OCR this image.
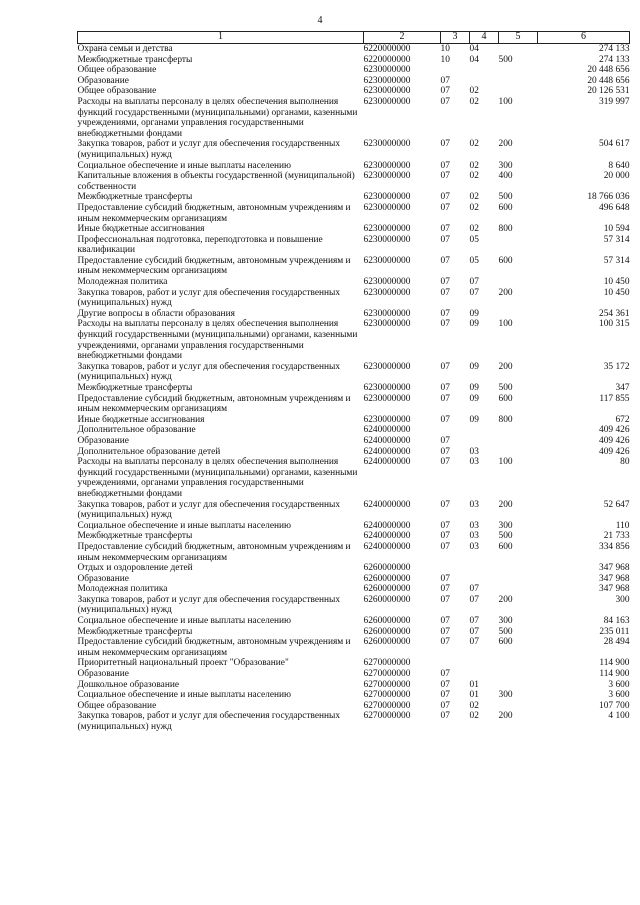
4
1	2	3	4	5	6
Охрана семьи и детства	6220000000	10	04		274 133
Межбюджетные трансферты	6220000000	10	04	500	274 133
Общее образование	6230000000				20 448 656
Образование	6230000000	07			20 448 656
Общее образование	6230000000	07	02		20 126 531
Расходы на выплаты персоналу в целях обеспечения выполнения функций государственными (муниципальными) органами, казенными учреждениями, органами управления государственными внебюджетными фондами	6230000000	07	02	100	319 997
Закупка товаров, работ и услуг для обеспечения государственных (муниципальных) нужд	6230000000	07	02	200	504 617
Социальное обеспечение и иные выплаты населению	6230000000	07	02	300	8 640
Капитальные вложения в объекты государственной (муниципальной) собственности	6230000000	07	02	400	20 000
Межбюджетные трансферты	6230000000	07	02	500	18 766 036
Предоставление субсидий бюджетным, автономным учреждениям и иным некоммерческим организациям	6230000000	07	02	600	496 648
Иные бюджетные ассигнования	6230000000	07	02	800	10 594
Профессиональная подготовка, переподготовка и повышение квалификации	6230000000	07	05		57 314
Предоставление субсидий бюджетным, автономным учреждениям и иным некоммерческим организациям	6230000000	07	05	600	57 314
Молодежная политика	6230000000	07	07		10 450
Закупка товаров, работ и услуг для обеспечения государственных (муниципальных) нужд	6230000000	07	07	200	10 450
Другие вопросы в области образования	6230000000	07	09		254 361
Расходы на выплаты персоналу в целях обеспечения выполнения функций государственными (муниципальными) органами, казенными учреждениями, органами управления государственными внебюджетными фондами	6230000000	07	09	100	100 315
Закупка товаров, работ и услуг для обеспечения государственных (муниципальных) нужд	6230000000	07	09	200	35 172
Межбюджетные трансферты	6230000000	07	09	500	347
Предоставление субсидий бюджетным, автономным учреждениям и иным некоммерческим организациям	6230000000	07	09	600	117 855
Иные бюджетные ассигнования	6230000000	07	09	800	672
Дополнительное образование	6240000000				409 426
Образование	6240000000	07			409 426
Дополнительное образование детей	6240000000	07	03		409 426
Расходы на выплаты персоналу в целях обеспечения выполнения функций государственными (муниципальными) органами, казенными учреждениями, органами управления государственными внебюджетными фондами	6240000000	07	03	100	80
Закупка товаров, работ и услуг для обеспечения государственных (муниципальных) нужд	6240000000	07	03	200	52 647
Социальное обеспечение и иные выплаты населению	6240000000	07	03	300	110
Межбюджетные трансферты	6240000000	07	03	500	21 733
Предоставление субсидий бюджетным, автономным учреждениям и иным некоммерческим организациям	6240000000	07	03	600	334 856
Отдых и оздоровление детей	6260000000				347 968
Образование	6260000000	07			347 968
Молодежная политика	6260000000	07	07		347 968
Закупка товаров, работ и услуг для обеспечения государственных (муниципальных) нужд	6260000000	07	07	200	300
Социальное обеспечение и иные выплаты населению	6260000000	07	07	300	84 163
Межбюджетные трансферты	6260000000	07	07	500	235 011
Предоставление субсидий бюджетным, автономным учреждениям и иным некоммерческим организациям	6260000000	07	07	600	28 494
Приоритетный национальный проект "Образование"	6270000000				114 900
Образование	6270000000	07			114 900
Дошкольное образование	6270000000	07	01		3 600
Социальное обеспечение и иные выплаты населению	6270000000	07	01	300	3 600
Общее образование	6270000000	07	02		107 700
Закупка товаров, работ и услуг для обеспечения государственных (муниципальных) нужд	6270000000	07	02	200	4 100
